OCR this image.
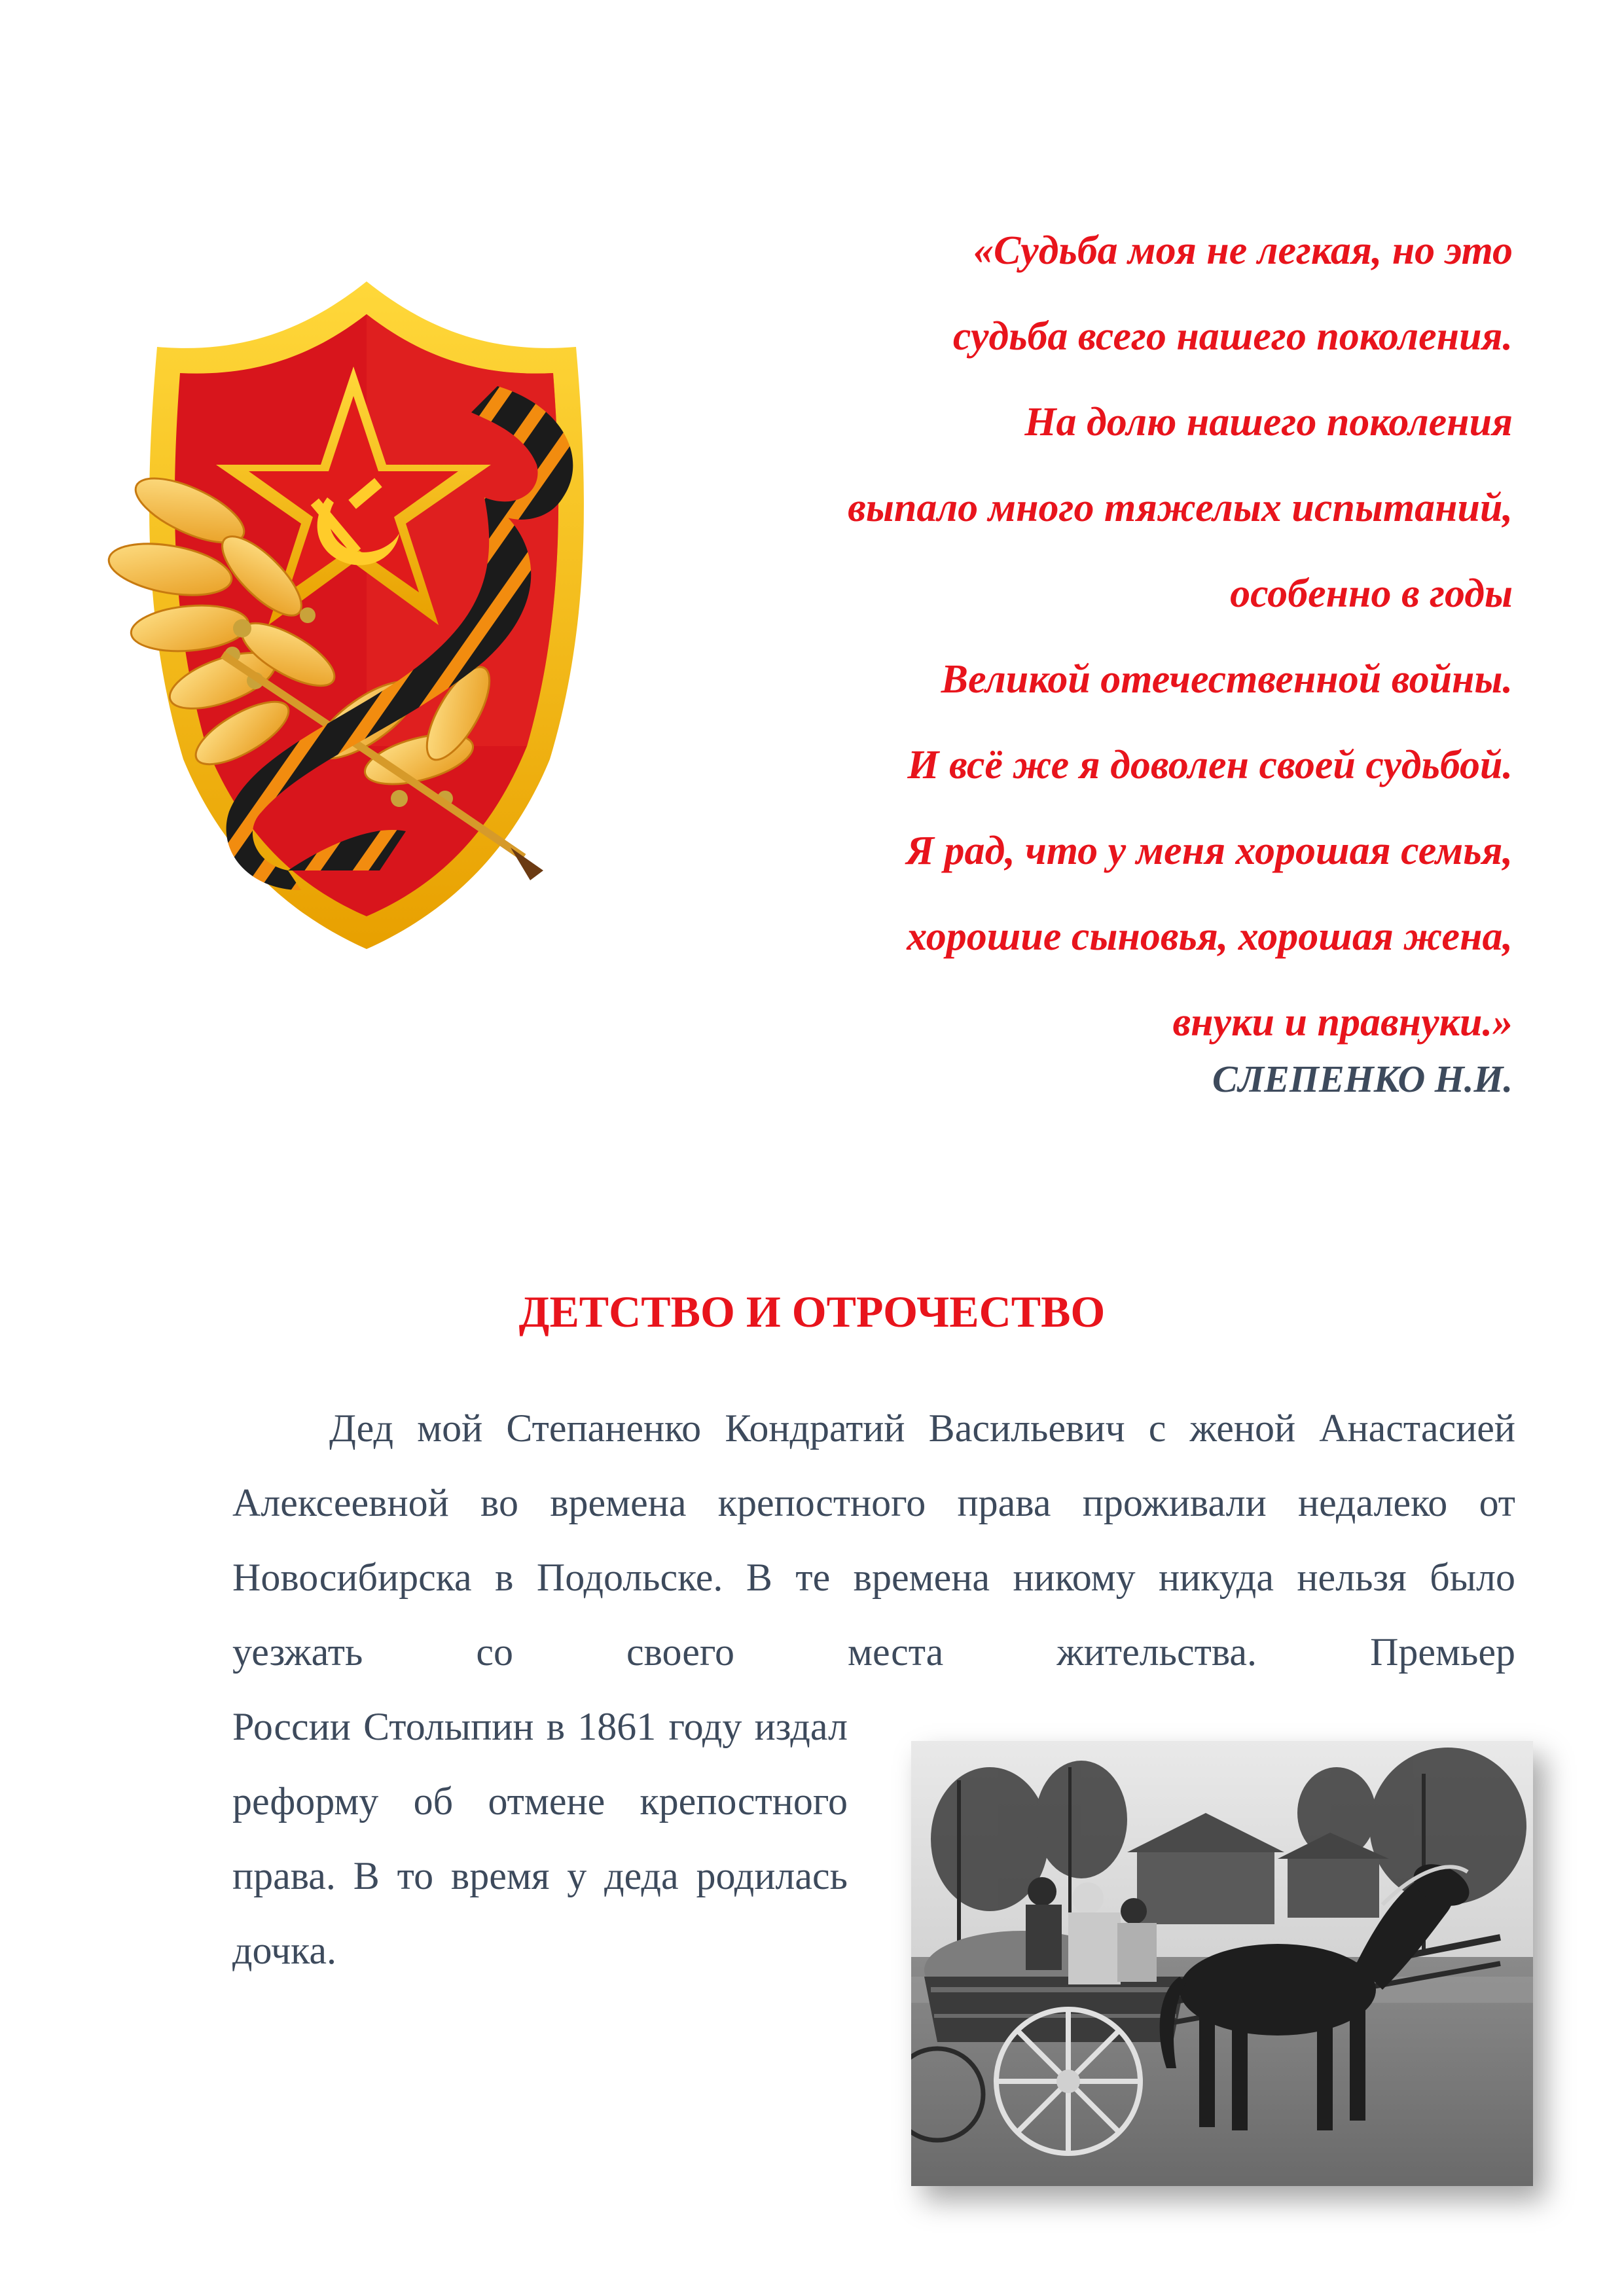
«Судьба моя не легкая, но это
судьба всего нашего поколения.
На долю нашего поколения
выпало много тяжелых испытаний,
особенно в годы
Великой отечественной войны.
И всё же я доволен своей судьбой.
Я рад, что у меня хорошая семья,
хорошие сыновья, хорошая жена,
внуки и правнуки.»
СЛЕПЕНКО Н.И.
ДЕТСТВО И ОТРОЧЕСТВО
Дед мой Степаненко Кондратий Васильевич с женой Анастасией Алексеевной во времена крепостного права проживали недалеко от Новосибирска в Подольске. В те времена никому никуда нельзя было уезжать со своего места жительства. Премьер
России Столыпин в 1861 году издал реформу об отмене крепостного права. В то время у деда родилась дочка.
